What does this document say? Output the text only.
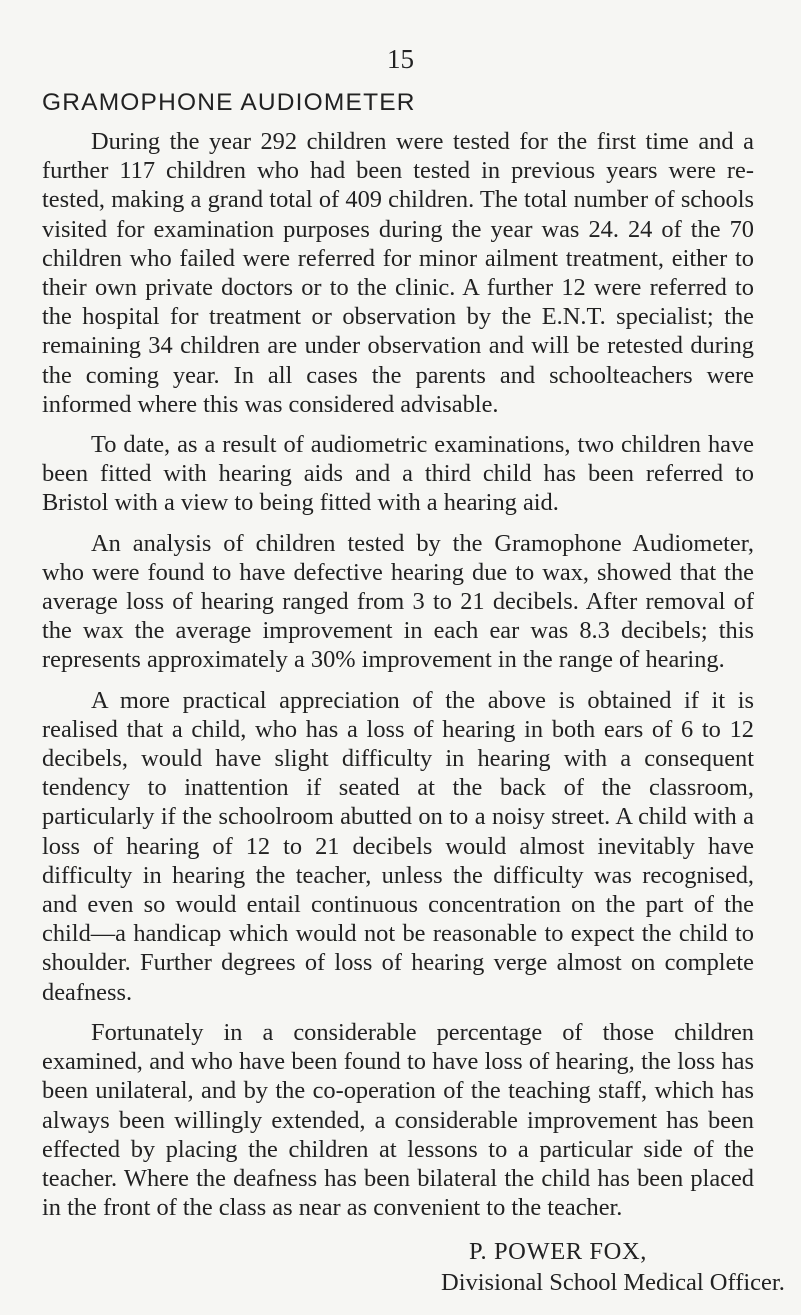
15
GRAMOPHONE AUDIOMETER

During the year 292 children were tested for the first time and a further 117 children who had been tested in previous years were re-tested, making a grand total of 409 children. The total number of schools visited for examination purposes during the year was 24. 24 of the 70 children who failed were referred for minor ailment treatment, either to their own private doctors or to the clinic. A further 12 were referred to the hospital for treatment or observation by the E.N.T. specialist; the remaining 34 children are under observation and will be retested during the coming year. In all cases the parents and schoolteachers were informed where this was considered advisable.

To date, as a result of audiometric examinations, two children have been fitted with hearing aids and a third child has been referred to Bristol with a view to being fitted with a hearing aid.

An analysis of children tested by the Gramophone Audiometer, who were found to have defective hearing due to wax, showed that the average loss of hearing ranged from 3 to 21 decibels. After removal of the wax the average improvement in each ear was 8.3 decibels; this represents approximately a 30% improvement in the range of hearing.

A more practical appreciation of the above is obtained if it is realised that a child, who has a loss of hearing in both ears of 6 to 12 decibels, would have slight difficulty in hearing with a consequent tendency to inattention if seated at the back of the classroom, particularly if the schoolroom abutted on to a noisy street. A child with a loss of hearing of 12 to 21 decibels would almost inevitably have difficulty in hearing the teacher, unless the difficulty was recognised, and even so would entail continuous concentration on the part of the child—a handicap which would not be reasonable to expect the child to shoulder. Further degrees of loss of hearing verge almost on complete deafness.

Fortunately in a considerable percentage of those children examined, and who have been found to have loss of hearing, the loss has been unilateral, and by the co-operation of the teaching staff, which has always been willingly extended, a considerable improvement has been effected by placing the children at lessons to a particular side of the teacher. Where the deafness has been bilateral the child has been placed in the front of the class as near as convenient to the teacher.

P. POWER FOX,
Divisional School Medical Officer.
